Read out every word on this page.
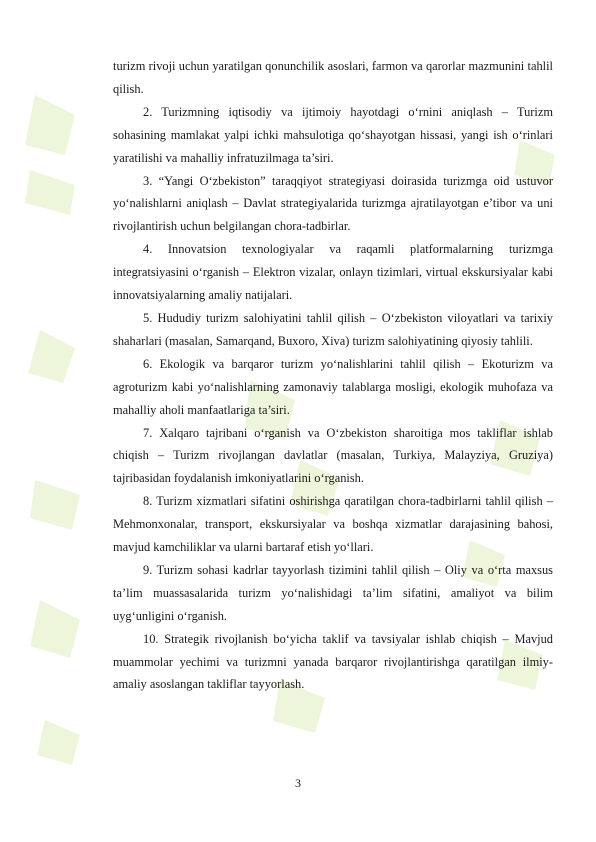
turizm rivoji uchun yaratilgan qonunchilik asoslari, farmon va qarorlar mazmunini tahlil qilish.

2. Turizmning iqtisodiy va ijtimoiy hayotdagi o‘rnini aniqlash – Turizm sohasining mamlakat yalpi ichki mahsulotiga qo‘shayotgan hissasi, yangi ish o‘rinlari yaratilishi va mahalliy infratuzilmaga ta’siri.

3. “Yangi O‘zbekiston” taraqqiyot strategiyasi doirasida turizmga oid ustuvor yo‘nalishlarni aniqlash – Davlat strategiyalarida turizmga ajratilayotgan e’tibor va uni rivojlantirish uchun belgilangan chora-tadbirlar.

4. Innovatsion texnologiyalar va raqamli platformalarning turizmga integratsiyasini o‘rganish – Elektron vizalar, onlayn tizimlari, virtual ekskursiyalar kabi innovatsiyalarning amaliy natijalari.

5. Hududiy turizm salohiyatini tahlil qilish – O‘zbekiston viloyatlari va tarixiy shaharlari (masalan, Samarqand, Buxoro, Xiva) turizm salohiyatining qiyosiy tahlili.

6. Ekologik va barqaror turizm yo‘nalishlarini tahlil qilish – Ekoturizm va agroturizm kabi yo‘nalishlarning zamonaviy talablarga mosligi, ekologik muhofaza va mahalliy aholi manfaatlariga ta’siri.

7. Xalqaro tajribani o‘rganish va O‘zbekiston sharoitiga mos takliflar ishlab chiqish – Turizm rivojlangan davlatlar (masalan, Turkiya, Malayziya, Gruziya) tajribasidan foydalanish imkoniyatlarini o‘rganish.

8. Turizm xizmatlari sifatini oshirishga qaratilgan chora-tadbirlarni tahlil qilish – Mehmonxonalar, transport, ekskursiyalar va boshqa xizmatlar darajasining bahosi, mavjud kamchiliklar va ularni bartaraf etish yo‘llari.

9. Turizm sohasi kadrlar tayyorlash tizimini tahlil qilish – Oliy va o‘rta maxsus ta’lim muassasalarida turizm yo‘nalishidagi ta’lim sifatini, amaliyot va bilim uyg‘unligini o‘rganish.

10. Strategik rivojlanish bo‘yicha taklif va tavsiyalar ishlab chiqish – Mavjud muammolar yechimi va turizmni yanada barqaror rivojlantirishga qaratilgan ilmiy-amaliy asoslangan takliflar tayyorlash.

3
